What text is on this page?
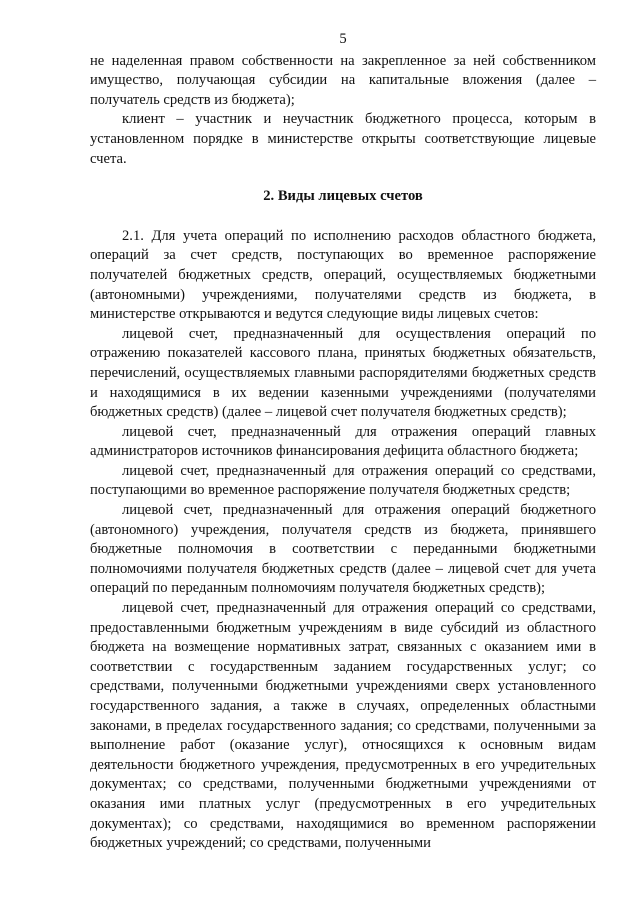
5

не наделенная правом собственности на закрепленное за ней собственником имущество, получающая субсидии на капитальные вложения (далее – получатель средств из бюджета);

клиент – участник и неучастник бюджетного процесса, которым в установленном порядке в министерстве открыты соответствующие лицевые счета.

2. Виды лицевых счетов

2.1. Для учета операций по исполнению расходов областного бюджета, операций за счет средств, поступающих во временное распоряжение получателей бюджетных средств, операций, осуществляемых бюджетными (автономными) учреждениями, получателями средств из бюджета, в министерстве открываются и ведутся следующие виды лицевых счетов:

лицевой счет, предназначенный для осуществления операций по отражению показателей кассового плана, принятых бюджетных обязательств, перечислений, осуществляемых главными распорядителями бюджетных средств и находящимися в их ведении казенными учреждениями (получателями бюджетных средств) (далее – лицевой счет получателя бюджетных средств);

лицевой счет, предназначенный для отражения операций главных администраторов источников финансирования дефицита областного бюджета;

лицевой счет, предназначенный для отражения операций со средствами, поступающими во временное распоряжение получателя бюджетных средств;

лицевой счет, предназначенный для отражения операций бюджетного (автономного) учреждения, получателя средств из бюджета, принявшего бюджетные полномочия в соответствии с переданными бюджетными полномочиями получателя бюджетных средств (далее – лицевой счет для учета операций по переданным полномочиям получателя бюджетных средств);

лицевой счет, предназначенный для отражения операций со средствами, предоставленными бюджетным учреждениям в виде субсидий из областного бюджета на возмещение нормативных затрат, связанных с оказанием ими в соответствии с государственным заданием государственных услуг; со средствами, полученными бюджетными учреждениями сверх установленного государственного задания, а также в случаях, определенных областными законами, в пределах государственного задания; со средствами, полученными за выполнение работ (оказание услуг), относящихся к основным видам деятельности бюджетного учреждения, предусмотренных в его учредительных документах; со средствами, полученными бюджетными учреждениями от оказания ими платных услуг (предусмотренных в его учредительных документах); со средствами, находящимися во временном распоряжении бюджетных учреждений; со средствами, полученными
